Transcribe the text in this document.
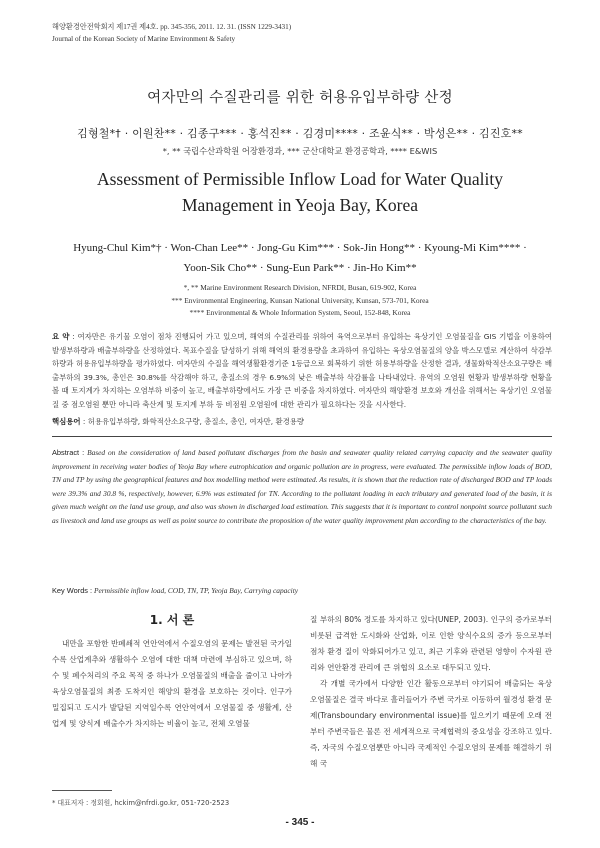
해양환경안전학회지 제17권 제4호. pp. 345-356, 2011. 12. 31. (ISSN 1229-3431)
Journal of the Korean Society of Marine Environment & Safety
여자만의 수질관리를 위한 허용유입부하량 산정
김형철*† · 이원찬** · 김종구*** · 홍석진** · 김경미**** · 조윤식** · 박성은** · 김진호**
*, ** 국립수산과학원 어장환경과, *** 군산대학교 환경공학과, **** E&WIS
Assessment of Permissible Inflow Load for Water Quality
Management in Yeoja Bay, Korea
Hyung-Chul Kim*† · Won-Chan Lee** · Jong-Gu Kim*** · Sok-Jin Hong** · Kyoung-Mi Kim**** ·
Yoon-Sik Cho** · Sung-Eun Park** · Jin-Ho Kim**
*, ** Marine Environment Research Division, NFRDI, Busan, 619-902, Korea
*** Environmental Engineering, Kunsan National University, Kunsan, 573-701, Korea
**** Environmental & Whole Information System, Seoul, 152-848, Korea
요 약 : 여자만은 유기물 오염이 점차 진행되어 가고 있으며, 해역의 수질관리를 위하여 육역으로부터 유입하는 육상기인 오염물질을 GIS 기법을 이용하여 발생부하량과 배출부하량을 산정하였다. 목표수질을 달성하기 위해 해역의 환경용량을 초과하여 유입하는 육상오염물질의 양을 박스모델로 계산하여 삭감부하량과 허용유입부하량을 평가하였다. 여자만의 수질을 해역생활환경기준 1등급으로 회복하기 위한 허용부하량을 산정한 결과, 생물화학적산소요구량은 배출부하의 39.3%, 총인은 30.8%를 삭감해야 하고, 총질소의 경우 6.9%의 낮은 배출부하 삭감률을 나타내었다. 유역의 오염원 현황과 발생부하량 현황을 볼 때 토지계가 차지하는 오염부하 비중이 높고, 배출부하량에서도 가장 큰 비중을 차지하였다. 여자만의 해양환경 보호와 개선을 위해서는 육상기인 오염물질 중 점오염원 뿐만 아니라 축산계 및 토지계 부하 등 비점원 오염원에 대한 관리가 필요하다는 것을 시사한다.
핵심용어 : 허용유입부하량, 화학적산소요구량, 총질소, 총인, 여자만, 환경용량
Abstract : Based on the consideration of land based pollutant discharges from the basin and seawater quality related carrying capacity and the seawater quality improvement in receiving water bodies of Yeoja Bay where eutrophication and organic pollution are in progress, were evaluated. The permissible inflow loads of BOD, TN and TP by using the geographical features and box modelling method were estimated. As results, it is shown that the reduction rate of discharged BOD and TP loads were 39.3% and 30.8 %, respectively, however, 6.9% was estimated for TN. According to the pollutant loading in each tributary and generated load of the basin, it is given much weight on the land use group, and also was shown in discharged load estimation. This suggests that it is important to control nonpoint source pollutant such as livestock and land use groups as well as point source to contribute the proposition of the water quality improvement plan according to the characteristics of the bay.
Key Words : Permissible inflow load, COD, TN, TP, Yeoja Bay, Carrying capacity
1. 서 론

내만을 포함한 반폐쇄적 연안역에서 수질오염의 문제는 발전된 국가일수록 산업계추와 생활하수 오염에 대한 대책 마련에 부심하고 있으며, 하수 및 폐수처리의 주요 목적 중 하나가 오염물질의 배출을 줄이고 나아가 육상오염물질의 최종 도착지인 해양의 환경을 보호하는 것이다. 인구가 밀집되고 도시가 발달된 지역일수록 연안역에서 오염물질 중 생활계, 산업계 및 양식계 배출수가 차지하는 비율이 높고, 전체 오염물

질 부하의 80% 정도를 차지하고 있다(UNEP, 2003). 인구의 증가로부터 비롯된 급격한 도시화와 산업화, 이로 인한 양식수요의 증가 등으로부터 점차 환경 질이 악화되어가고 있고, 최근 기후와 관련된 영향이 수자원 관리와 연안환경 관리에 큰 위협의 요소로 대두되고 있다.

각 개별 국가에서 다양한 인간 활동으로부터 야기되어 배출되는 육상오염물질은 결국 바다로 흘러들어가 주변 국가로 이동하여 월경성 환경 문제(Transboundary environmental issue)를 일으키기 때문에 오래 전부터 주변국들은 물론 전 세계적으로 국제협력의 중요성을 강조하고 있다. 즉, 자국의 수질오염뿐만 아니라 국제적인 수질오염의 문제를 해결하기 위해 국

* 대표저자 : 정회원, hckim@nfrdi.go.kr, 051-720-2523
- 345 -
